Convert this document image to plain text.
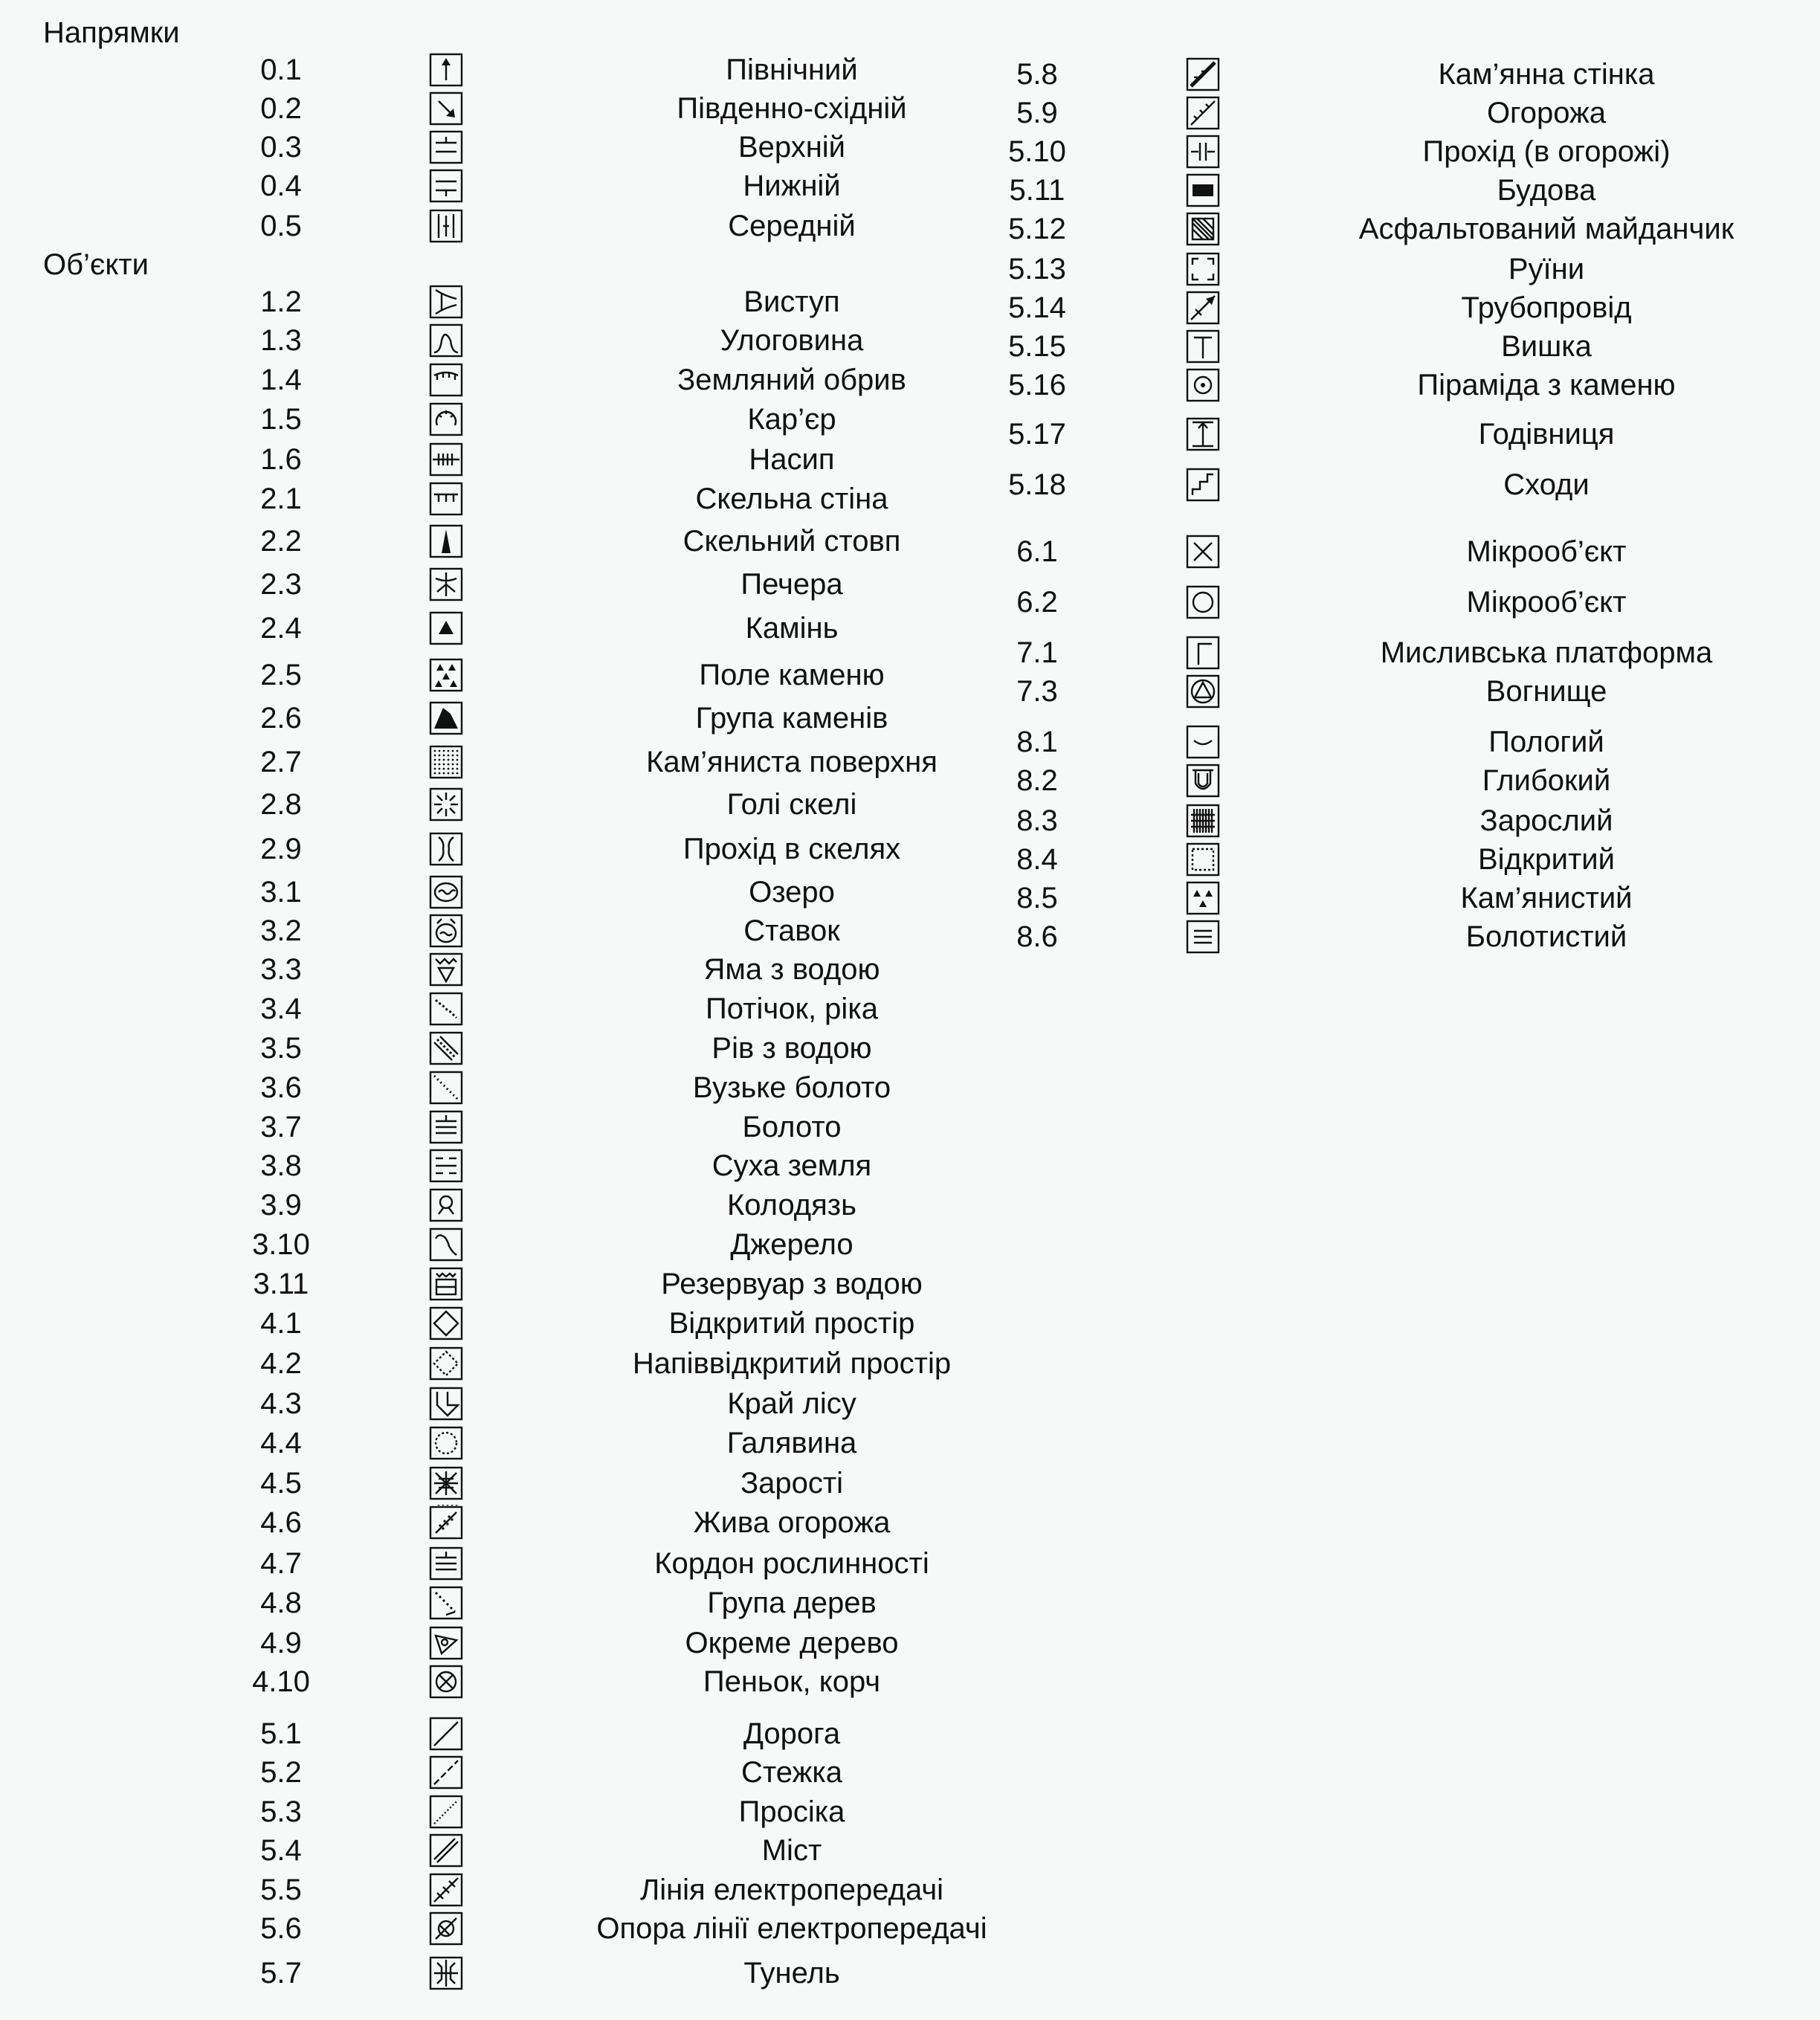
Напрямки
Об’єкти
0.1	Північний
0.2	Південно-східній
0.3	Верхній
0.4	Нижній
0.5	Середній
1.2	Виступ
1.3	Улоговина
1.4	Земляний обрив
1.5	Кар’єр
1.6	Насип
2.1	Скельна стіна
2.2	Скельний стовп
2.3	Печера
2.4	Камінь
2.5	Поле каменю
2.6	Група каменів
2.7	Кам’яниста поверхня
2.8	Голі скелі
2.9	Прохід в скелях
3.1	Озеро
3.2	Ставок
3.3	Яма з водою
3.4	Потічок, ріка
3.5	Рів з водою
3.6	Вузьке болото
3.7	Болото
3.8	Суха земля
3.9	Колодязь
3.10	Джерело
3.11	Резервуар з водою
4.1	Відкритий простір
4.2	Напіввідкритий простір
4.3	Край лісу
4.4	Галявина
4.5	Зарості
4.6	Жива огорожа
4.7	Кордон рослинності
4.8	Група дерев
4.9	Окреме дерево
4.10	Пеньок, корч
5.1	Дорога
5.2	Стежка
5.3	Просіка
5.4	Міст
5.5	Лінія електропередачі
5.6	Опора лінії електропередачі
5.7	Тунель
5.8	Кам’янна стінка
5.9	Огорожа
5.10	Прохід (в огорожі)
5.11	Будова
5.12	Асфальтований майданчик
5.13	Руїни
5.14	Трубопровід
5.15	Вишка
5.16	Піраміда з каменю
5.17	Годівниця
5.18	Сходи
6.1	Мікрооб’єкт
6.2	Мікрооб’єкт
7.1	Мисливська платформа
7.3	Вогнище
8.1	Пологий
8.2	Глибокий
8.3	Зарослий
8.4	Відкритий
8.5	Кам’янистий
8.6	Болотистий
